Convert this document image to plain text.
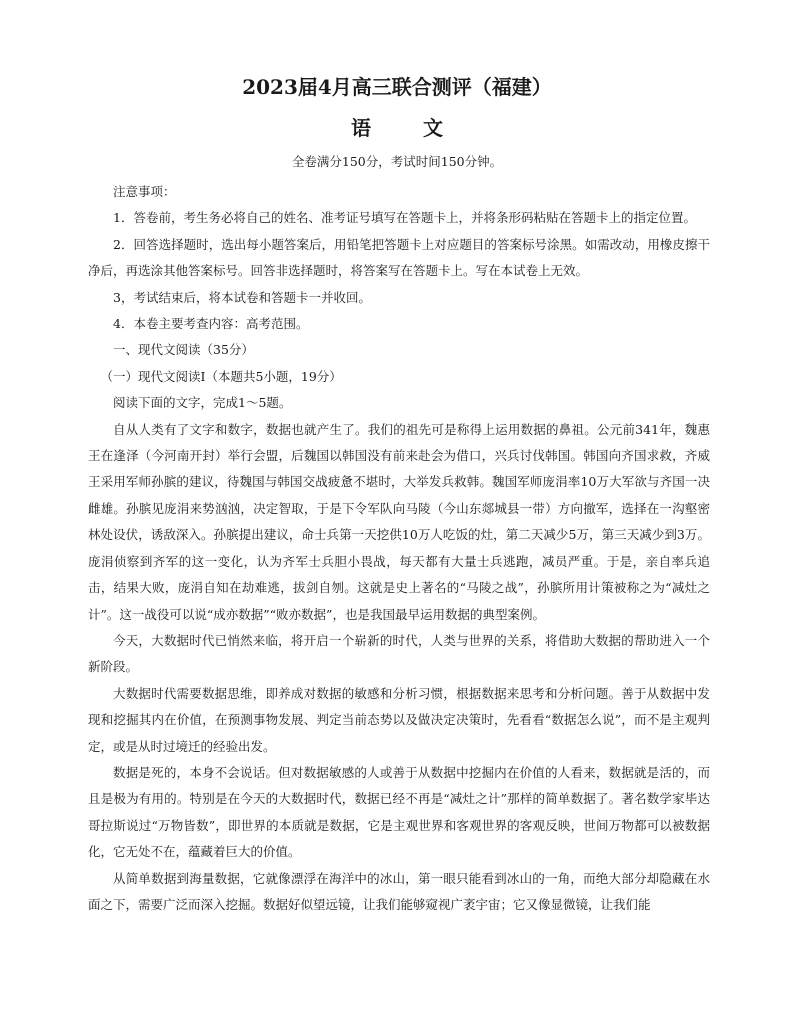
2023届4月高三联合测评（福建）
语	文
全卷满分150分，考试时间150分钟。

注意事项：

1．答卷前，考生务必将自己的姓名、准考证号填写在答题卡上，并将条形码粘贴在答题卡上的指定位置。

2．回答选择题时，选出每小题答案后，用铅笔把答题卡上对应题目的答案标号涂黑。如需改动，用橡皮擦干净后，再选涂其他答案标号。回答非选择题时，将答案写在答题卡上。写在本试卷上无效。

3，考试结束后，将本试卷和答题卡一并收回。

4．本卷主要考查内容：高考范围。

一、现代文阅读（35分）

（一）现代文阅读Ⅰ（本题共5小题，19分）

阅读下面的文字，完成1～5题。

自从人类有了文字和数字，数据也就产生了。我们的祖先可是称得上运用数据的鼻祖。公元前341年，魏惠王在逢泽（今河南开封）举行会盟，后魏国以韩国没有前来赴会为借口，兴兵讨伐韩国。韩国向齐国求救，齐威王采用军师孙膑的建议，待魏国与韩国交战疲惫不堪时，大举发兵救韩。魏国军师庞涓率10万大军欲与齐国一决雌雄。孙膑见庞涓来势汹汹，决定智取，于是下令军队向马陵（今山东郯城县一带）方向撤军，选择在一沟壑密林处设伏，诱敌深入。孙膑提出建议，命士兵第一天挖供10万人吃饭的灶，第二天减少5万，第三天减少到3万。庞涓侦察到齐军的这一变化，认为齐军士兵胆小畏战，每天都有大量士兵逃跑，减员严重。于是，亲自率兵追击，结果大败，庞涓自知在劫难逃，拔剑自刎。这就是史上著名的“马陵之战”，孙膑所用计策被称之为“减灶之计”。这一战役可以说“成亦数据”“败亦数据”，也是我国最早运用数据的典型案例。

今天，大数据时代已悄然来临，将开启一个崭新的时代，人类与世界的关系，将借助大数据的帮助进入一个新阶段。

大数据时代需要数据思维，即养成对数据的敏感和分析习惯，根据数据来思考和分析问题。善于从数据中发现和挖掘其内在价值，在预测事物发展、判定当前态势以及做决定决策时，先看看“数据怎么说”，而不是主观判定，或是从时过境迁的经验出发。

数据是死的，本身不会说话。但对数据敏感的人或善于从数据中挖掘内在价值的人看来，数据就是活的，而且是极为有用的。特别是在今天的大数据时代，数据已经不再是“减灶之计”那样的简单数据了。著名数学家毕达哥拉斯说过“万物皆数”，即世界的本质就是数据，它是主观世界和客观世界的客观反映，世间万物都可以被数据化，它无处不在，蕴藏着巨大的价值。

从简单数据到海量数据，它就像漂浮在海洋中的冰山，第一眼只能看到冰山的一角，而绝大部分却隐藏在水面之下，需要广泛而深入挖掘。数据好似望远镜，让我们能够窥视广袤宇宙；它又像显微镜，让我们能
